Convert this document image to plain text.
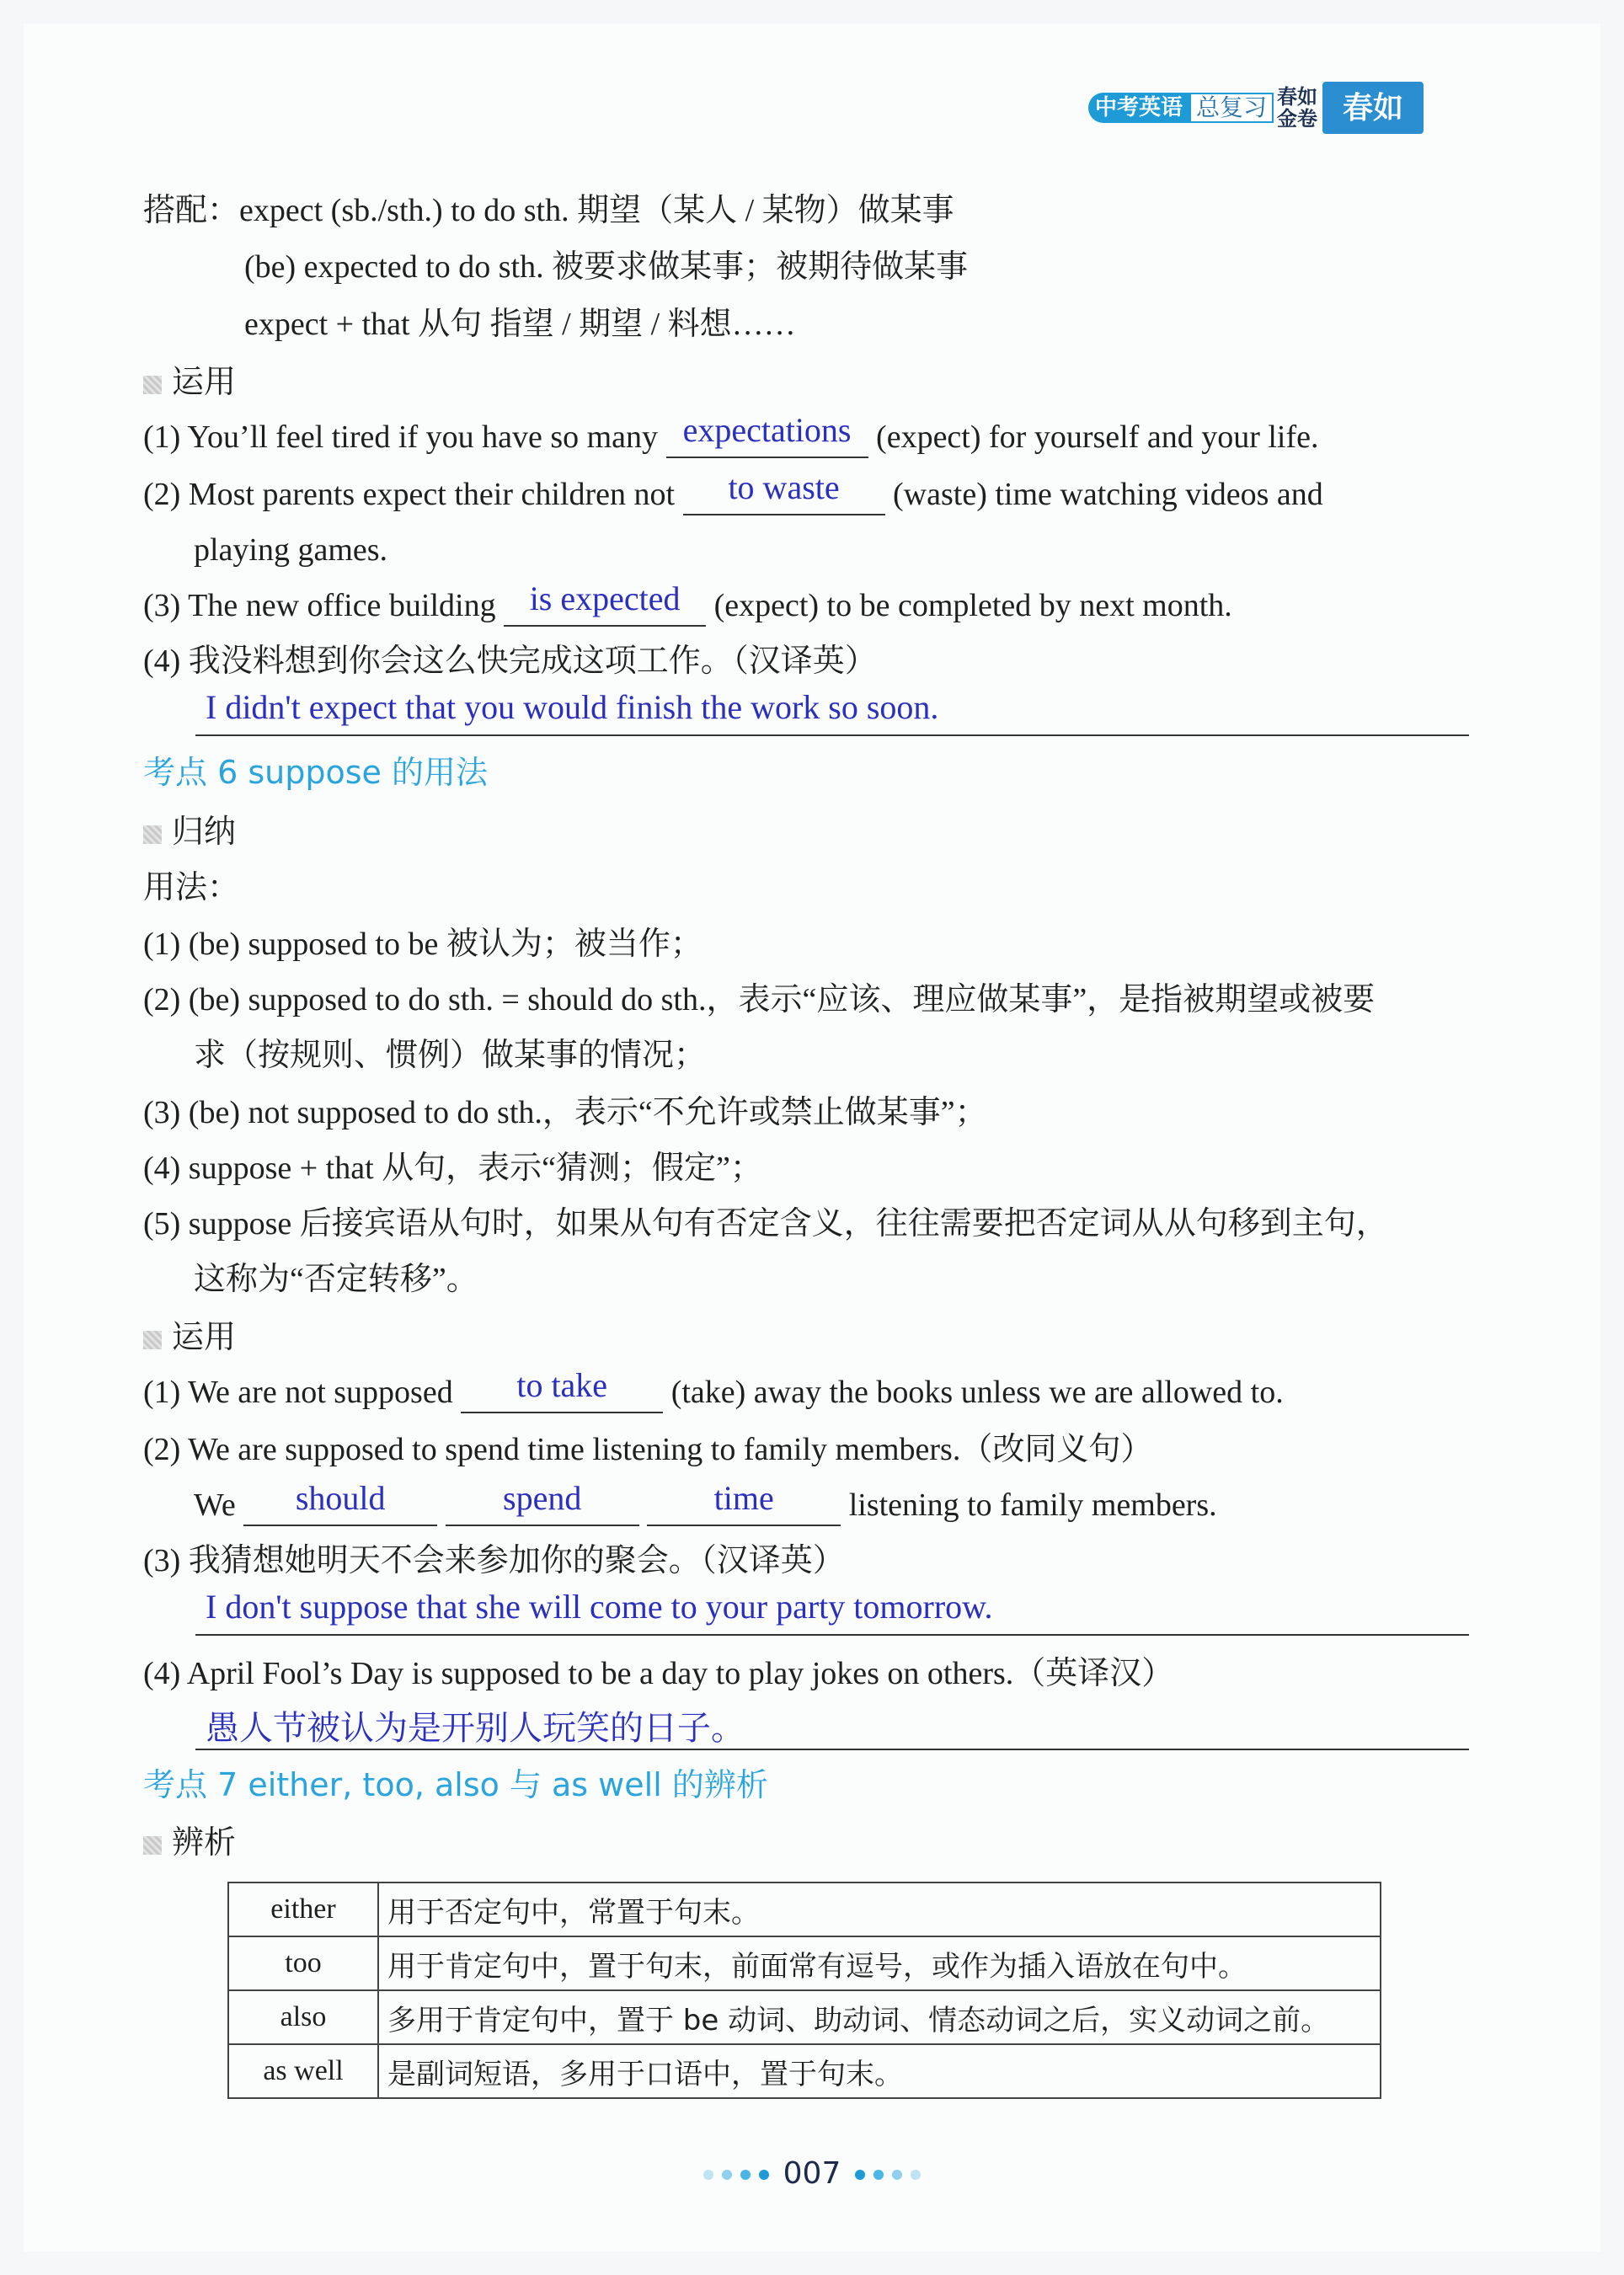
中考英语 总复习 春如
金卷 春如
搭配：expect (sb./sth.) to do sth. 期望（某人 / 某物）做某事
(be) expected to do sth. 被要求做某事；被期待做某事
expect + that 从句 指望 / 期望 / 料想……
运用
(1) You’ll feel tired if you have so many expectations (expect) for yourself and your life.
(2) Most parents expect their children not to waste (waste) time watching videos and
playing games.
(3) The new office building is expected (expect) to be completed by next month.
(4) 我没料想到你会这么快完成这项工作。（汉译英）
I didn't expect that you would finish the work so soon.
考点 6 suppose 的用法
归纳
用法：
(1) (be) supposed to be 被认为；被当作；
(2) (be) supposed to do sth. = should do sth.，表示“应该、理应做某事”，是指被期望或被要
求（按规则、惯例）做某事的情况；
(3) (be) not supposed to do sth.，表示“不允许或禁止做某事”；
(4) suppose + that 从句，表示“猜测；假定”；
(5) suppose 后接宾语从句时，如果从句有否定含义，往往需要把否定词从从句移到主句，
这称为“否定转移”。
运用
(1) We are not supposed to take (take) away the books unless we are allowed to.
(2) We are supposed to spend time listening to family members.（改同义句）
We should	spend	time listening to family members.
(3) 我猜想她明天不会来参加你的聚会。（汉译英）
I don't suppose that she will come to your party tomorrow.
(4) April Fool’s Day is supposed to be a day to play jokes on others.（英译汉）
愚人节被认为是开别人玩笑的日子。
考点 7 either, too, also 与 as well 的辨析
辨析
either	用于否定句中，常置于句末。
too	用于肯定句中，置于句末，前面常有逗号，或作为插入语放在句中。
also	多用于肯定句中，置于 be 动词、助动词、情态动词之后，实义动词之前。
as well	是副词短语，多用于口语中，置于句末。
007
